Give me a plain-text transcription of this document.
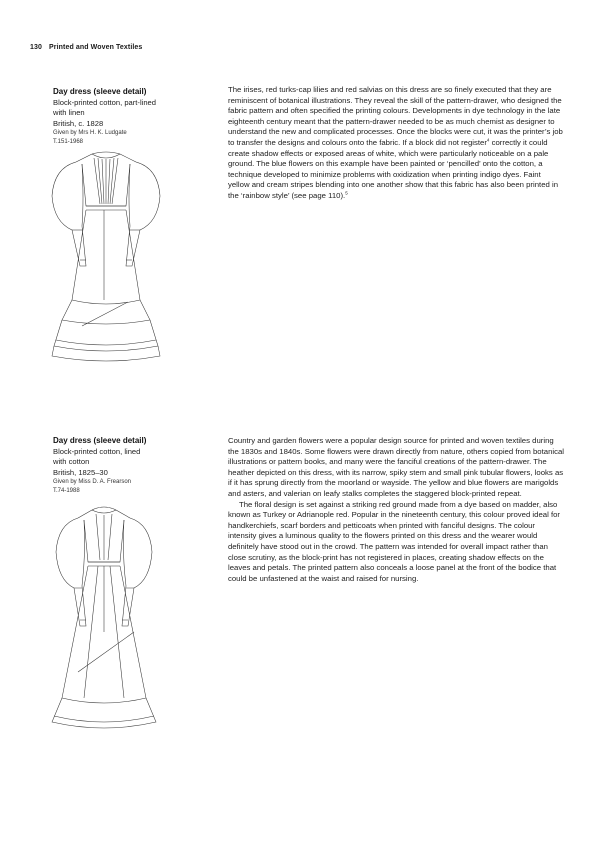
130 Printed and Woven Textiles
Day dress (sleeve detail)
Block-printed cotton, part-lined
with linen
British, c. 1828
Given by Mrs H. K. Ludgate
T.151-1968

The irises, red turks-cap lilies and red salvias on this dress are so finely executed that they are reminiscent of botanical illustrations. They reveal the skill of the pattern-drawer, who designed the fabric pattern and often specified the printing colours. Developments in dye technology in the late eighteenth century meant that the pattern-drawer needed to be as much chemist as designer to understand the new and complicated processes. Once the blocks were cut, it was the printer’s job to transfer the designs and colours onto the fabric. If a block did not register$^4$ correctly it could create shadow effects or exposed areas of white, which were particularly noticeable on a pale ground. The blue flowers on this example have been painted or ‘pencilled’ onto the cotton, a technique developed to minimize problems with oxidization when printing indigo dyes. Faint yellow and cream stripes blending into one another show that this fabric has also been printed in the ‘rainbow style’ (see page 110).$^5$

Day dress (sleeve detail)
Block-printed cotton, lined
with cotton
British, 1825–30
Given by Miss D. A. Frearson
T.74-1988

Country and garden flowers were a popular design source for printed and woven textiles during the 1830s and 1840s. Some flowers were drawn directly from nature, others copied from botanical illustrations or pattern books, and many were the fanciful creations of the pattern-drawer. The heather depicted on this dress, with its narrow, spiky stem and small pink tubular flowers, looks as if it has sprung directly from the moorland or wayside. The yellow and blue flowers are marigolds and asters, and valerian on leafy stalks completes the staggered block-printed repeat.

The floral design is set against a striking red ground made from a dye based on madder, also known as Turkey or Adrianople red. Popular in the nineteenth century, this colour proved ideal for handkerchiefs, scarf borders and petticoats when printed with fanciful designs. The colour intensity gives a luminous quality to the flowers printed on this dress and the wearer would definitely have stood out in the crowd. The pattern was intended for overall impact rather than close scrutiny, as the block-print has not registered in places, creating shadow effects on the leaves and petals. The printed pattern also conceals a loose panel at the front of the bodice that could be unfastened at the waist and raised for nursing.
